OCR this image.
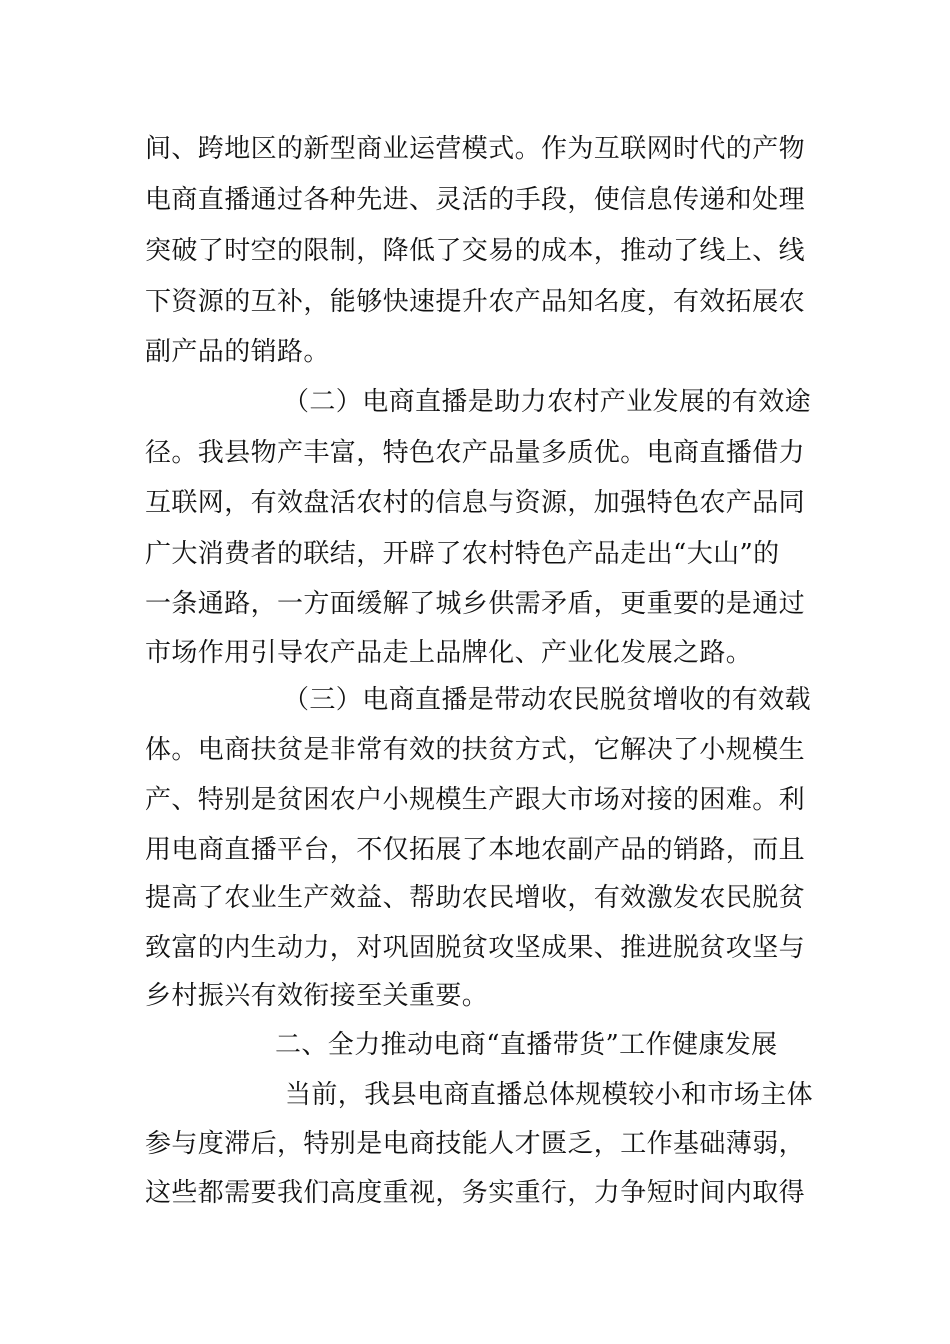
间、跨地区的新型商业运营模式。作为互联网时代的产物
电商直播通过各种先进、灵活的手段，使信息传递和处理
突破了时空的限制，降低了交易的成本，推动了线上、线
下资源的互补，能够快速提升农产品知名度，有效拓展农
副产品的销路。
（二）电商直播是助力农村产业发展的有效途
径。我县物产丰富，特色农产品量多质优。电商直播借力
互联网，有效盘活农村的信息与资源，加强特色农产品同
广大消费者的联结，开辟了农村特色产品走出“大山”的
一条通路，一方面缓解了城乡供需矛盾，更重要的是通过
市场作用引导农产品走上品牌化、产业化发展之路。
（三）电商直播是带动农民脱贫增收的有效载
体。电商扶贫是非常有效的扶贫方式，它解决了小规模生
产、特别是贫困农户小规模生产跟大市场对接的困难。利
用电商直播平台，不仅拓展了本地农副产品的销路，而且
提高了农业生产效益、帮助农民增收，有效激发农民脱贫
致富的内生动力，对巩固脱贫攻坚成果、推进脱贫攻坚与
乡村振兴有效衔接至关重要。
二、全力推动电商“直播带货”工作健康发展
当前，我县电商直播总体规模较小和市场主体
参与度滞后，特别是电商技能人才匮乏，工作基础薄弱，
这些都需要我们高度重视，务实重行，力争短时间内取得
